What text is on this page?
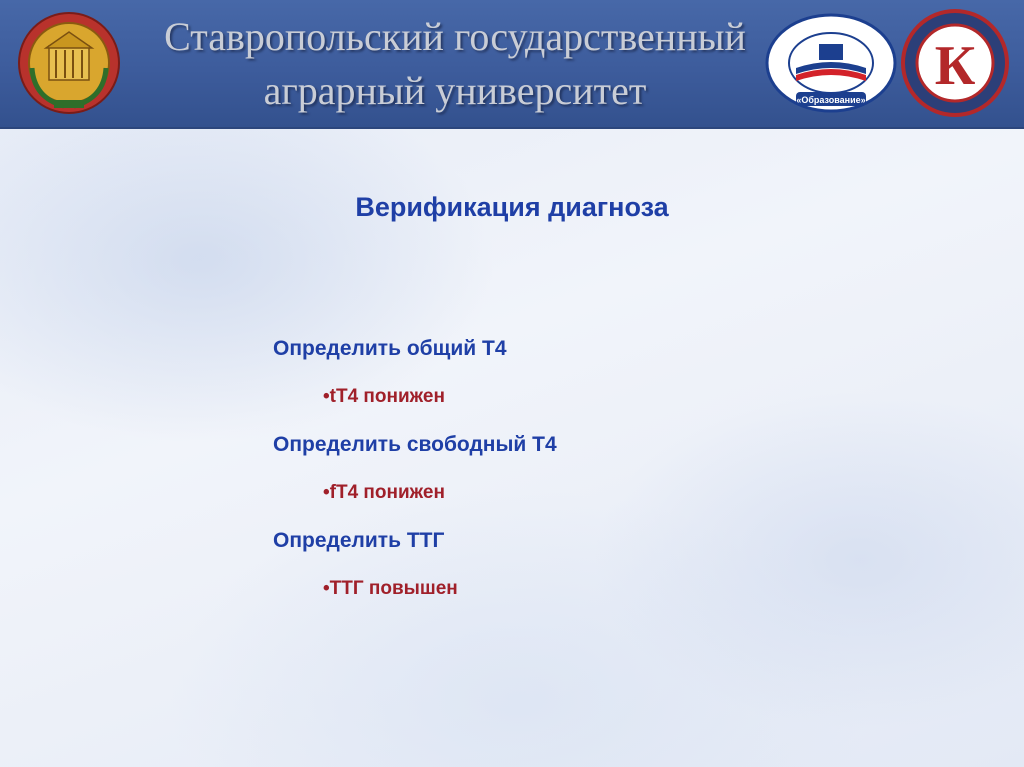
Ставропольский государственный
аграрный университет	«Образование»
К
Верификация диагноза
Определить общий Т4
•tT4 понижен
Определить свободный Т4
•fT4 понижен
Определить ТТГ
•ТТГ повышен
